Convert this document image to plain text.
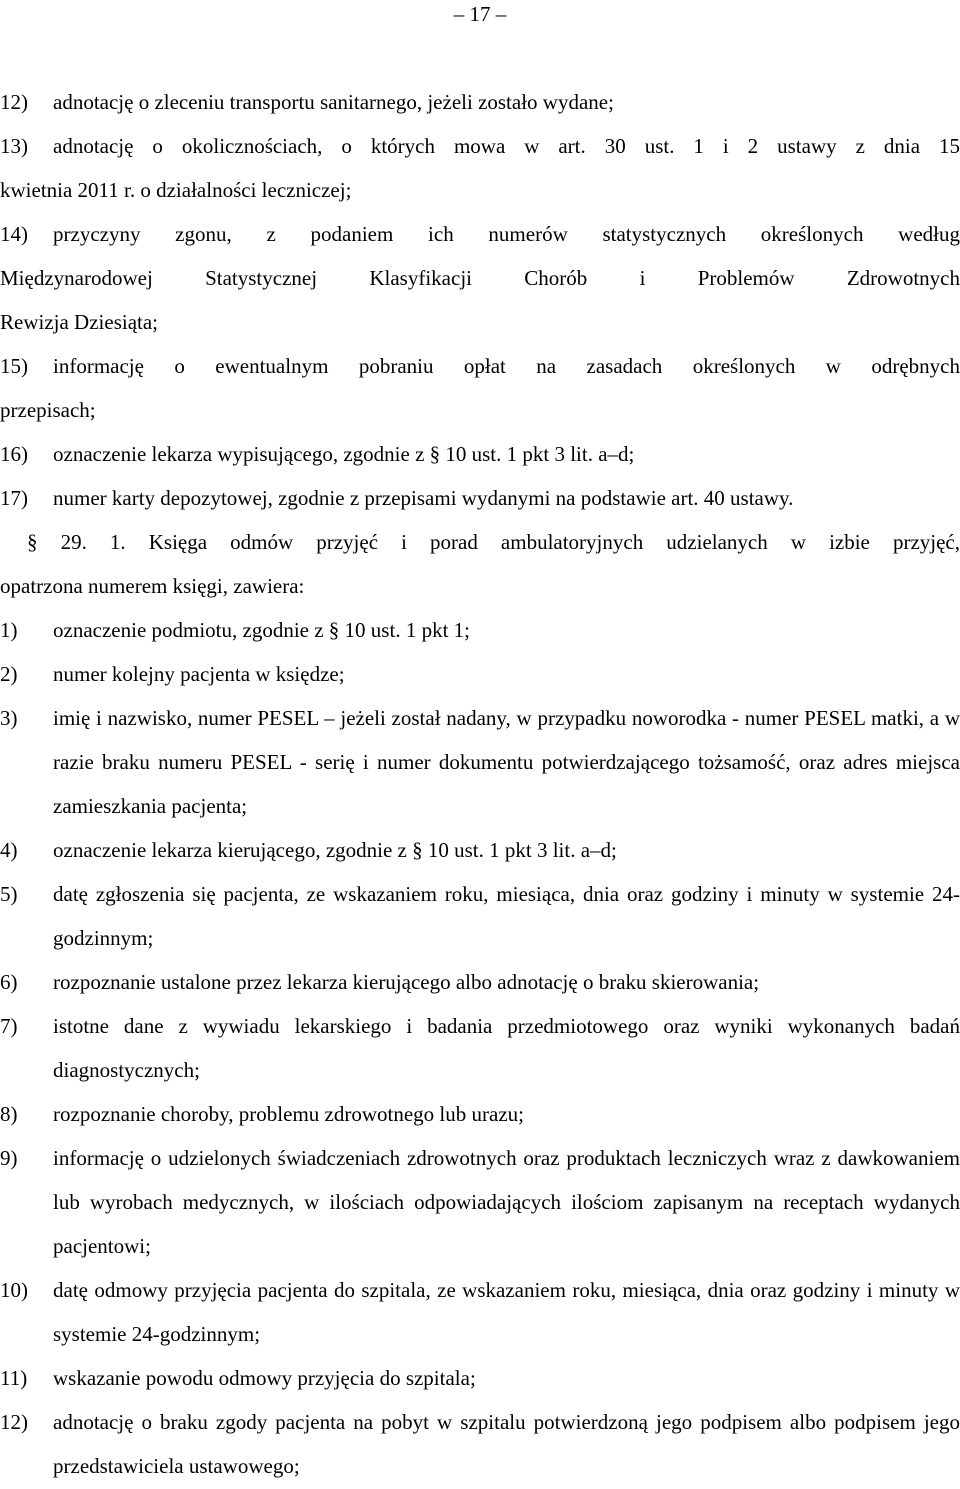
– 17 –
12)	adnotację o zleceniu transportu sanitarnego, jeżeli zostało wydane;
13)	adnotację o okolicznościach, o których mowa w art. 30 ust. 1 i 2 ustawy z dnia 15
kwietnia 2011 r. o działalności leczniczej;
14)	przyczyny zgonu, z podaniem ich numerów statystycznych określonych według
Międzynarodowej Statystycznej Klasyfikacji Chorób i Problemów Zdrowotnych
Rewizja Dziesiąta;
15)	informację o ewentualnym pobraniu opłat na zasadach określonych w odrębnych
przepisach;
16)	oznaczenie lekarza wypisującego, zgodnie z § 10 ust. 1 pkt 3 lit. a–d;
17)	numer karty depozytowej, zgodnie z przepisami wydanymi na podstawie art. 40 ustawy.
§ 29. 1. Księga odmów przyjęć i porad ambulatoryjnych udzielanych w izbie przyjęć,
opatrzona numerem księgi, zawiera:
1)	oznaczenie podmiotu, zgodnie z § 10 ust. 1 pkt 1;
2)	numer kolejny pacjenta w księdze;
3)	imię i nazwisko, numer PESEL – jeżeli został nadany, w przypadku noworodka - numer PESEL matki, a w razie braku numeru PESEL - serię i numer dokumentu potwierdzającego tożsamość, oraz adres miejsca zamieszkania pacjenta;
4)	oznaczenie lekarza kierującego, zgodnie z § 10 ust. 1 pkt 3 lit. a–d;
5)	datę zgłoszenia się pacjenta, ze wskazaniem roku, miesiąca, dnia oraz godziny i minuty w systemie 24-godzinnym;
6)	rozpoznanie ustalone przez lekarza kierującego albo adnotację o braku skierowania;
7)	istotne dane z wywiadu lekarskiego i badania przedmiotowego oraz wyniki wykonanych badań diagnostycznych;
8)	rozpoznanie choroby, problemu zdrowotnego lub urazu;
9)	informację o udzielonych świadczeniach zdrowotnych oraz produktach leczniczych wraz z dawkowaniem lub wyrobach medycznych, w ilościach odpowiadających ilościom zapisanym na receptach wydanych pacjentowi;
10)	datę odmowy przyjęcia pacjenta do szpitala, ze wskazaniem roku, miesiąca, dnia oraz godziny i minuty w systemie 24-godzinnym;
11)	wskazanie powodu odmowy przyjęcia do szpitala;
12)	adnotację o braku zgody pacjenta na pobyt w szpitalu potwierdzoną jego podpisem albo podpisem jego przedstawiciela ustawowego;
